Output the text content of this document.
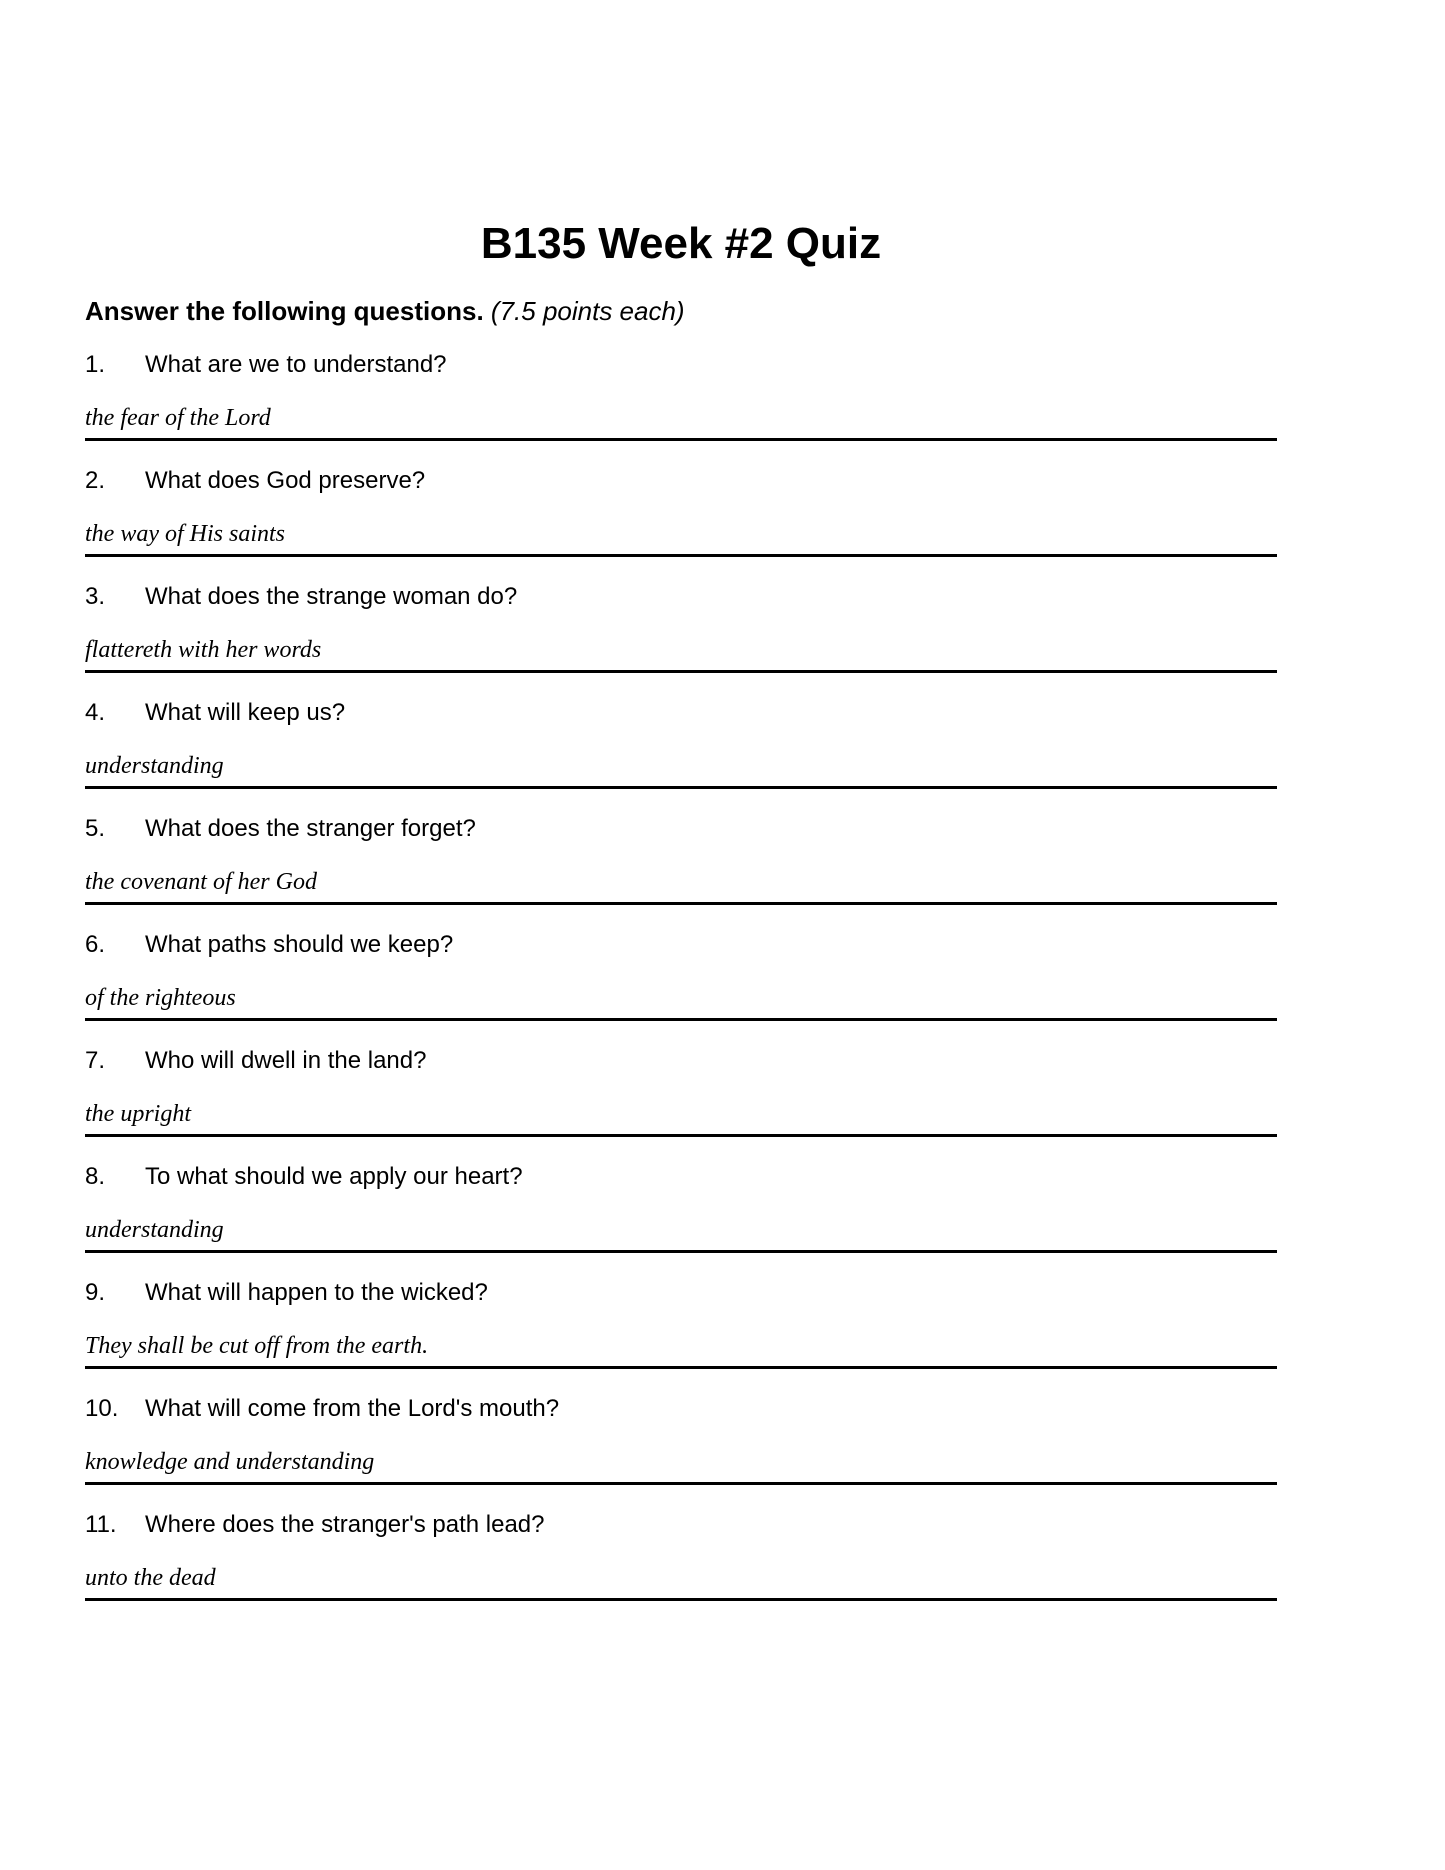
B135 Week #2 Quiz

Answer the following questions. (7.5 points each)

1. What are we to understand?
the fear of the Lord
2. What does God preserve?
the way of His saints
3. What does the strange woman do?
flattereth with her words
4. What will keep us?
understanding
5. What does the stranger forget?
the covenant of her God
6. What paths should we keep?
of the righteous
7. Who will dwell in the land?
the upright
8. To what should we apply our heart?
understanding
9. What will happen to the wicked?
They shall be cut off from the earth.
10. What will come from the Lord's mouth?
knowledge and understanding
11. Where does the stranger's path lead?
unto the dead
